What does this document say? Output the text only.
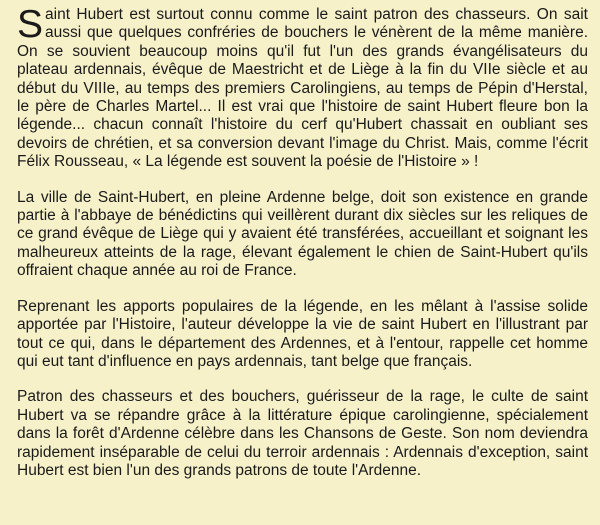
Saint Hubert est surtout connu comme le saint patron des chasseurs. On sait aussi que quelques confréries de bouchers le vénèrent de la même manière. On se souvient beaucoup moins qu'il fut l'un des grands évangélisateurs du plateau ardennais, évêque de Maestricht et de Liège à la fin du VIIe siècle et au début du VIIIe, au temps des premiers Carolingiens, au temps de Pépin d'Herstal, le père de Charles Martel... Il est vrai que l'histoire de saint Hubert fleure bon la légende... chacun connaît l'histoire du cerf qu'Hubert chassait en oubliant ses devoirs de chrétien, et sa conversion devant l'image du Christ. Mais, comme l'écrit Félix Rousseau, « La légende est souvent la poésie de l'Histoire » !

La ville de Saint-Hubert, en pleine Ardenne belge, doit son existence en grande partie à l'abbaye de bénédictins qui veillèrent durant dix siècles sur les reliques de ce grand évêque de Liège qui y avaient été transférées, accueillant et soignant les malheureux atteints de la rage, élevant également le chien de Saint-Hubert qu'ils offraient chaque année au roi de France.

Reprenant les apports populaires de la légende, en les mêlant à l'assise solide apportée par l'Histoire, l'auteur développe la vie de saint Hubert en l'illustrant par tout ce qui, dans le département des Ardennes, et à l'entour, rappelle cet homme qui eut tant d'influence en pays ardennais, tant belge que français.

Patron des chasseurs et des bouchers, guérisseur de la rage, le culte de saint Hubert va se répandre grâce à la littérature épique carolingienne, spécialement dans la forêt d'Ardenne célèbre dans les Chansons de Geste. Son nom deviendra rapidement inséparable de celui du terroir ardennais : Ardennais d'exception, saint Hubert est bien l'un des grands patrons de toute l'Ardenne.
